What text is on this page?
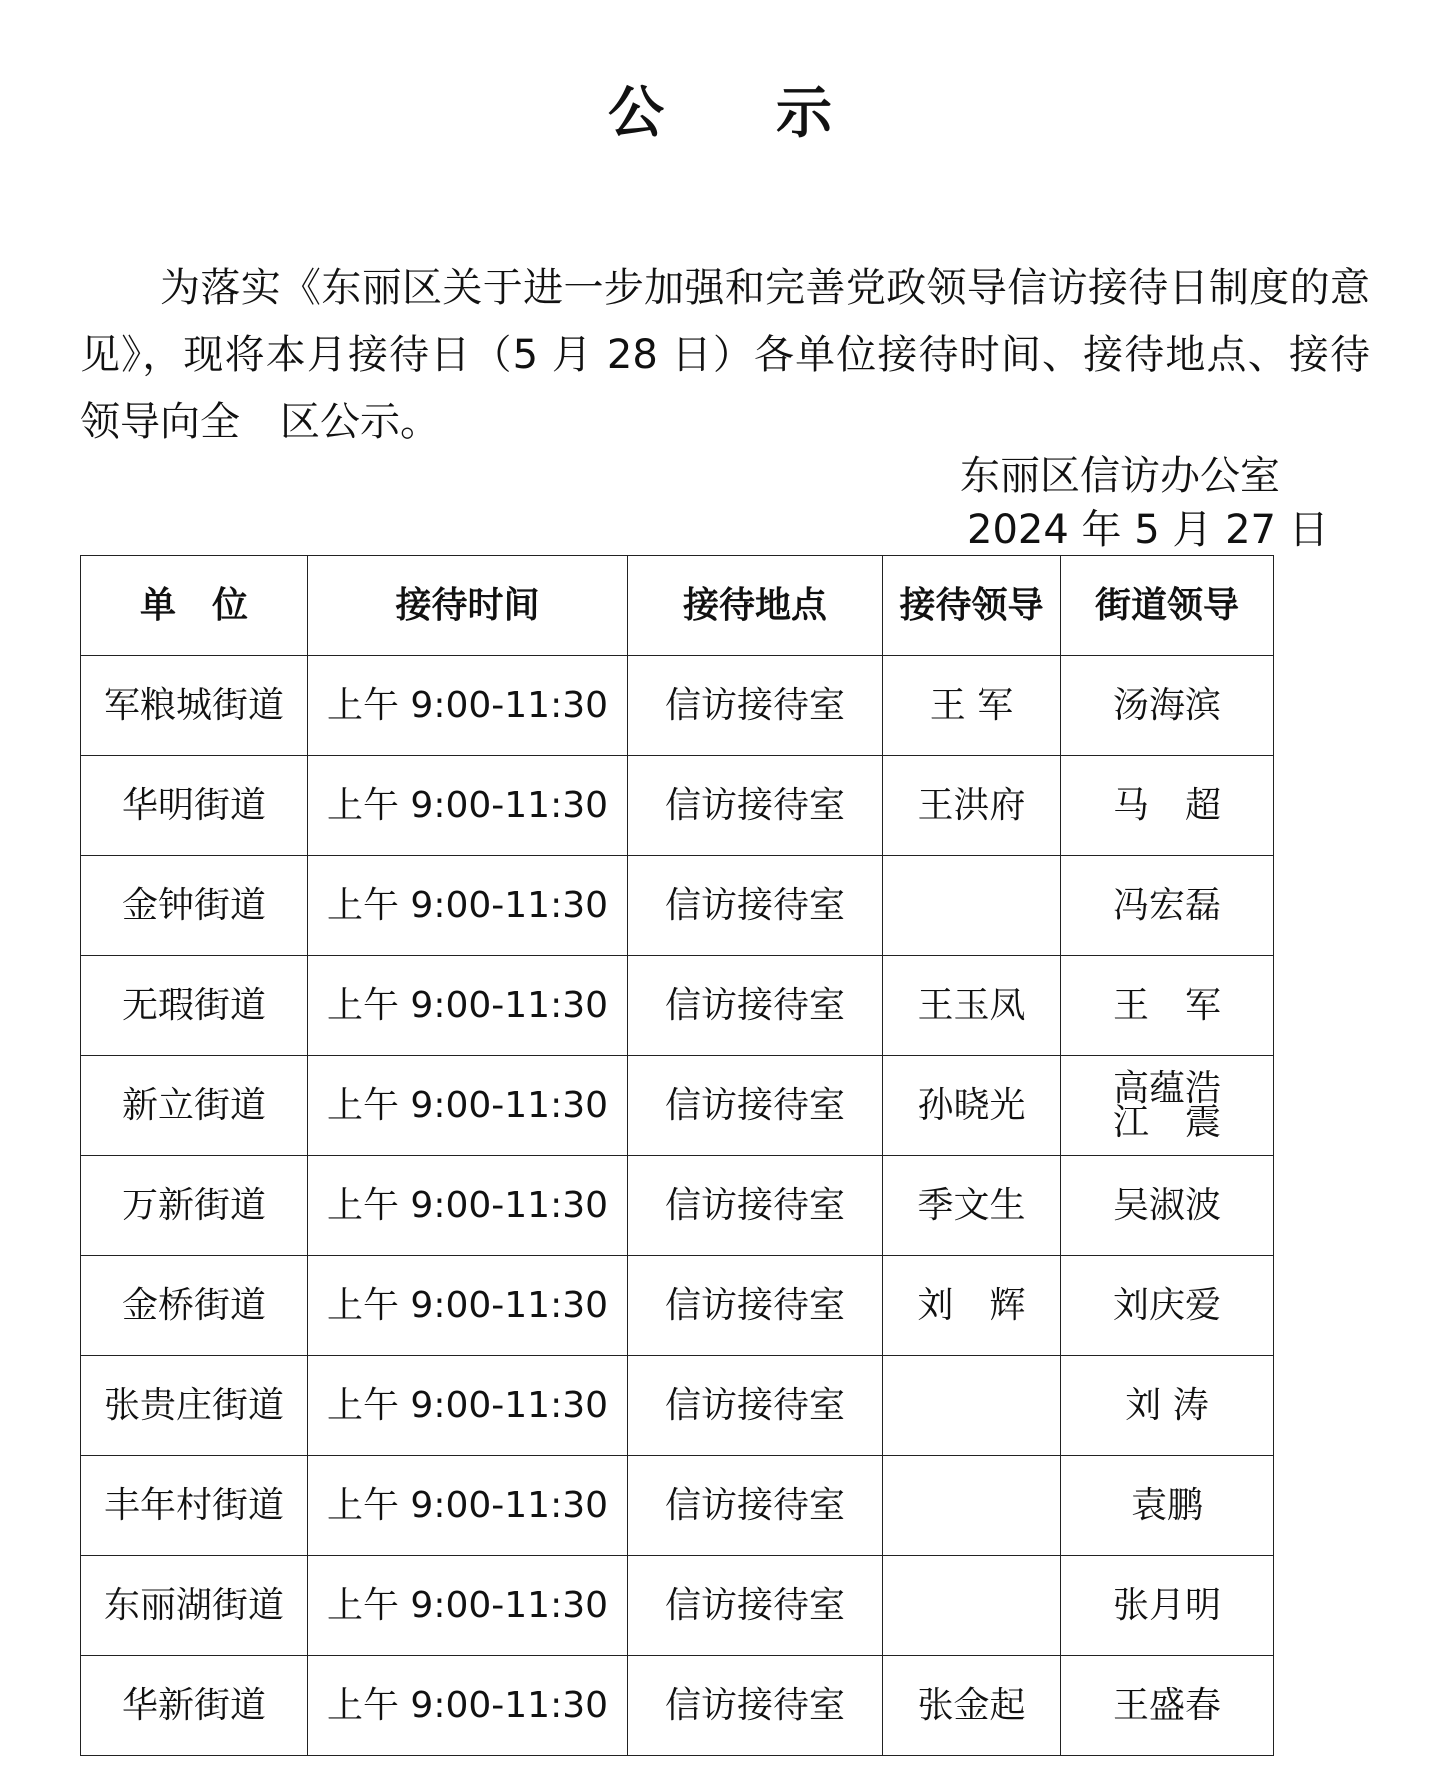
公　　示

为落实《东丽区关于进一步加强和完善党政领导信访接待日制度的意见》，现将本月接待日（5 月 28 日）各单位接待时间、接待地点、接待领导向全　区公示。

东丽区信访办公室
2024 年 5 月 27 日
单　位	接待时间	接待地点	接待领导	街道领导
军粮城街道	上午 9:00-11:30	信访接待室	王 军	汤海滨
华明街道	上午 9:00-11:30	信访接待室	王洪府	马　超
金钟街道	上午 9:00-11:30	信访接待室		冯宏磊
无瑕街道	上午 9:00-11:30	信访接待室	王玉凤	王　军
新立街道	上午 9:00-11:30	信访接待室	孙晓光	高蕴浩
江　震
万新街道	上午 9:00-11:30	信访接待室	季文生	吴淑波
金桥街道	上午 9:00-11:30	信访接待室	刘　辉	刘庆爱
张贵庄街道	上午 9:00-11:30	信访接待室		刘 涛
丰年村街道	上午 9:00-11:30	信访接待室		袁鹏
东丽湖街道	上午 9:00-11:30	信访接待室		张月明
华新街道	上午 9:00-11:30	信访接待室	张金起	王盛春
